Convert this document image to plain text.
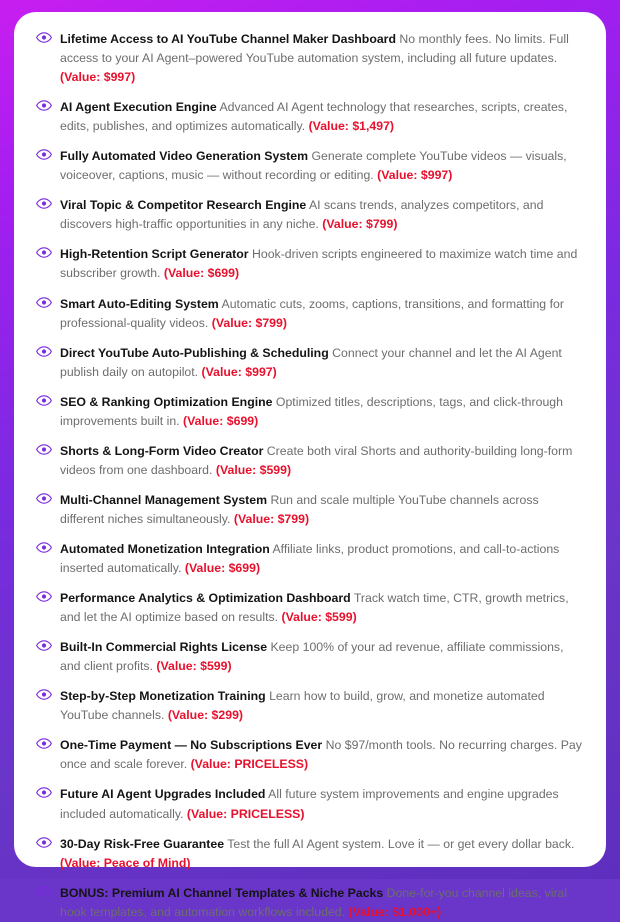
Lifetime Access to AI YouTube Channel Maker Dashboard No monthly fees. No limits. Full access to your AI Agent–powered YouTube automation system, including all future updates. (Value: $997)
AI Agent Execution Engine Advanced AI Agent technology that researches, scripts, creates, edits, publishes, and optimizes automatically. (Value: $1,497)
Fully Automated Video Generation System Generate complete YouTube videos — visuals, voiceover, captions, music — without recording or editing. (Value: $997)
Viral Topic & Competitor Research Engine AI scans trends, analyzes competitors, and discovers high-traffic opportunities in any niche. (Value: $799)
High-Retention Script Generator Hook-driven scripts engineered to maximize watch time and subscriber growth. (Value: $699)
Smart Auto-Editing System Automatic cuts, zooms, captions, transitions, and formatting for professional-quality videos. (Value: $799)
Direct YouTube Auto-Publishing & Scheduling Connect your channel and let the AI Agent publish daily on autopilot. (Value: $997)
SEO & Ranking Optimization Engine Optimized titles, descriptions, tags, and click-through improvements built in. (Value: $699)
Shorts & Long-Form Video Creator Create both viral Shorts and authority-building long-form videos from one dashboard. (Value: $599)
Multi-Channel Management System Run and scale multiple YouTube channels across different niches simultaneously. (Value: $799)
Automated Monetization Integration Affiliate links, product promotions, and call-to-actions inserted automatically. (Value: $699)
Performance Analytics & Optimization Dashboard Track watch time, CTR, growth metrics, and let the AI optimize based on results. (Value: $599)
Built-In Commercial Rights License Keep 100% of your ad revenue, affiliate commissions, and client profits. (Value: $599)
Step-by-Step Monetization Training Learn how to build, grow, and monetize automated YouTube channels. (Value: $299)
One-Time Payment — No Subscriptions Ever No $97/month tools. No recurring charges. Pay once and scale forever. (Value: PRICELESS)
Future AI Agent Upgrades Included All future system improvements and engine upgrades included automatically. (Value: PRICELESS)
30-Day Risk-Free Guarantee Test the full AI Agent system. Love it — or get every dollar back. (Value: Peace of Mind)
BONUS: Premium AI Channel Templates & Niche Packs Done-for-you channel ideas, viral hook templates, and automation workflows included. (Value: $1,000+)
